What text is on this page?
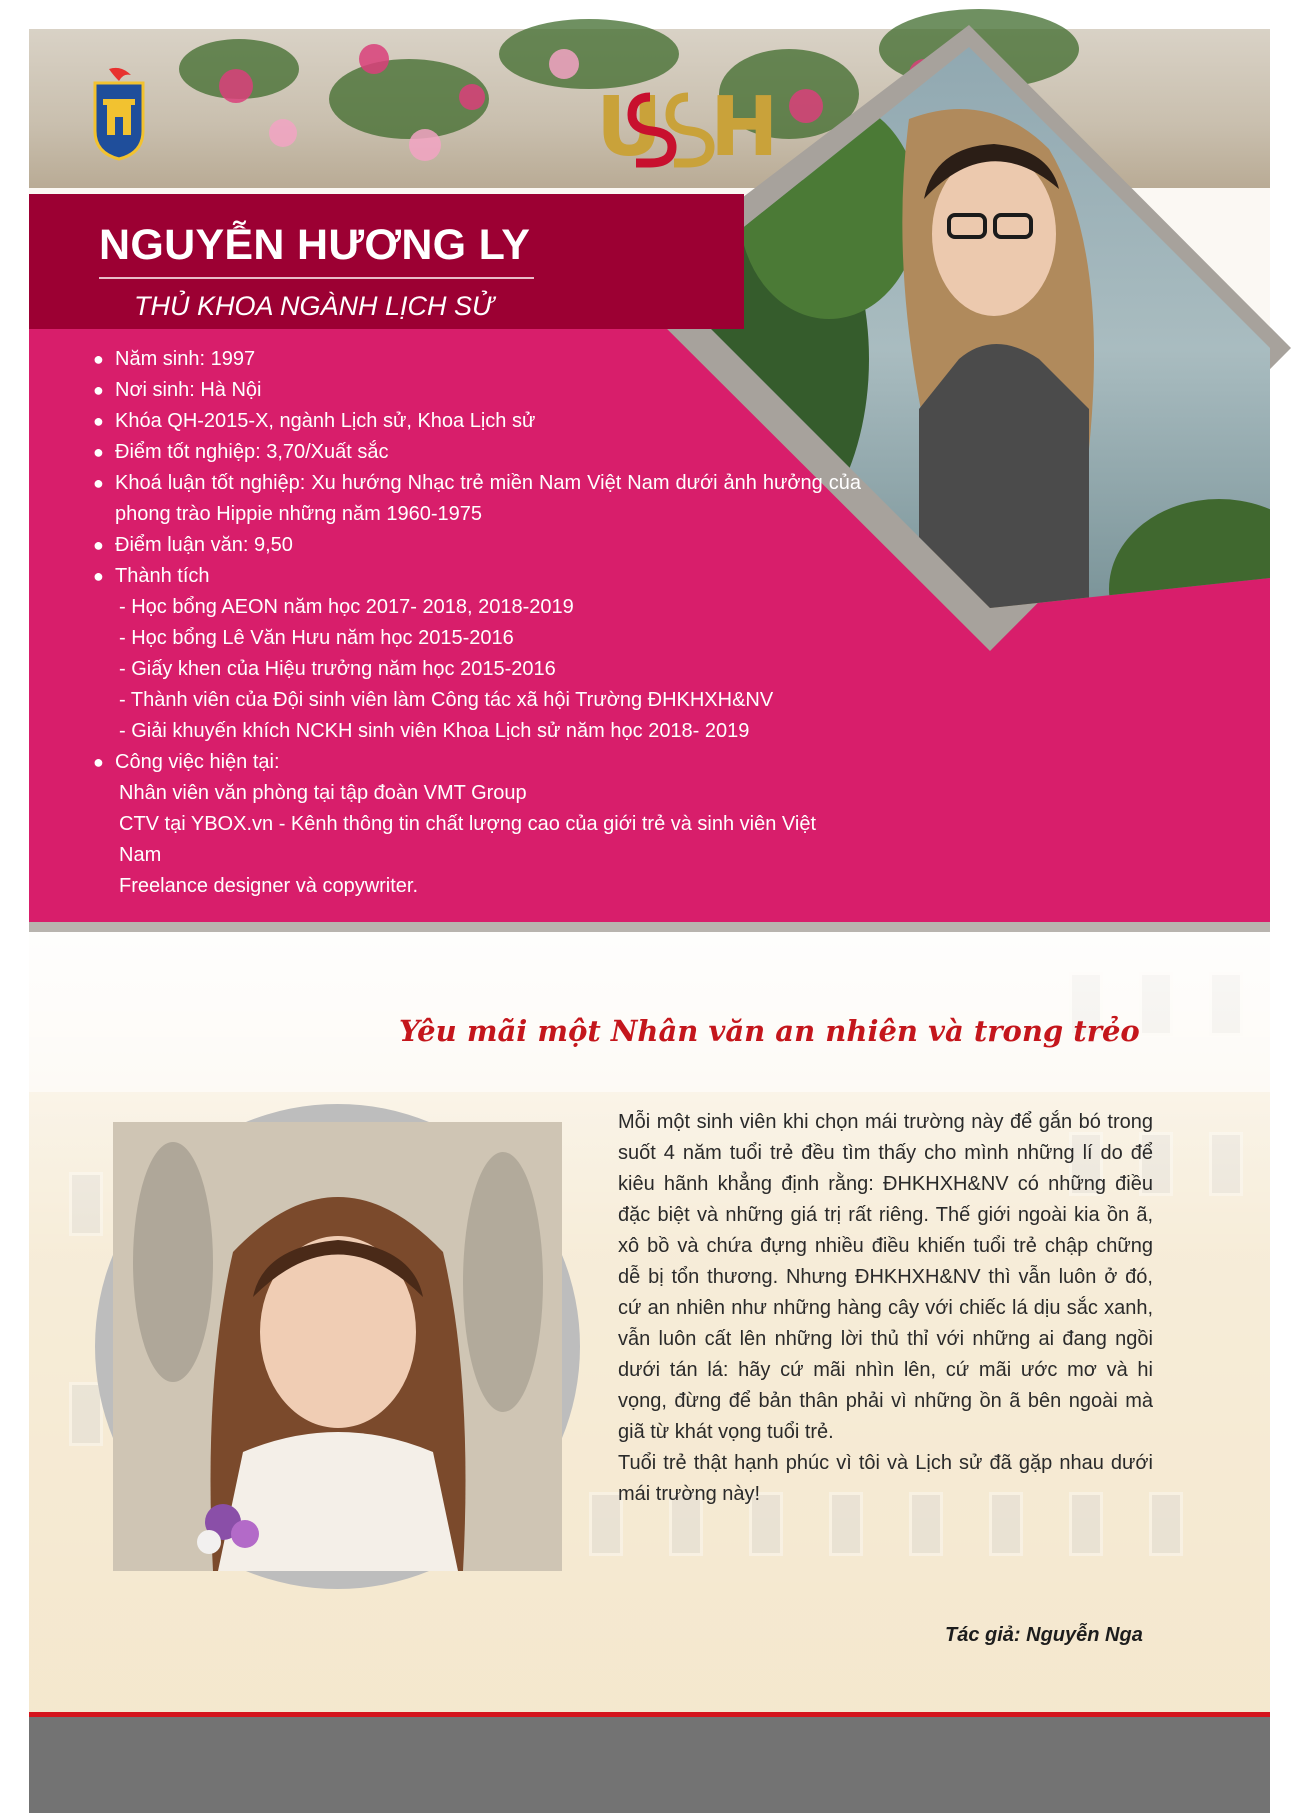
U H
NGUYỄN HƯƠNG LY
THỦ KHOA NGÀNH LỊCH SỬ
● Năm sinh: 1997
● Nơi sinh: Hà Nội
● Khóa QH-2015-X, ngành Lịch sử, Khoa Lịch sử
● Điểm tốt nghiệp: 3,70/Xuất sắc
● Khoá luận tốt nghiệp: Xu hướng Nhạc trẻ miền Nam Việt Nam dưới ảnh hưởng của phong trào Hippie những năm 1960-1975
● Điểm luận văn: 9,50
● Thành tích
- Học bổng AEON năm học 2017- 2018, 2018-2019
- Học bổng Lê Văn Hưu năm học 2015-2016
- Giấy khen của Hiệu trưởng năm học 2015-2016
- Thành viên của Đội sinh viên làm Công tác xã hội Trường ĐHKHXH&NV
- Giải khuyến khích NCKH sinh viên Khoa Lịch sử năm học 2018- 2019
● Công việc hiện tại:
Nhân viên văn phòng tại tập đoàn VMT Group
CTV tại YBOX.vn - Kênh thông tin chất lượng cao của giới trẻ và sinh viên Việt Nam
Freelance designer và copywriter.
Yêu mãi một Nhân văn an nhiên và trong trẻo

Mỗi một sinh viên khi chọn mái trường này để gắn bó trong suốt 4 năm tuổi trẻ đều tìm thấy cho mình những lí do để kiêu hãnh khẳng định rằng: ĐHKHXH&NV có những điều đặc biệt và những giá trị rất riêng. Thế giới ngoài kia ồn ã, xô bồ và chứa đựng nhiều điều khiến tuổi trẻ chập chững dễ bị tổn thương. Nhưng ĐHKHXH&NV thì vẫn luôn ở đó, cứ an nhiên như những hàng cây với chiếc lá dịu sắc xanh, vẫn luôn cất lên những lời thủ thỉ với những ai đang ngồi dưới tán lá: hãy cứ mãi nhìn lên, cứ mãi ước mơ và hi vọng, đừng để bản thân phải vì những ồn ã bên ngoài mà giã từ khát vọng tuổi trẻ.

Tuổi trẻ thật hạnh phúc vì tôi và Lịch sử đã gặp nhau dưới mái trường này!

Tác giả: Nguyễn Nga
